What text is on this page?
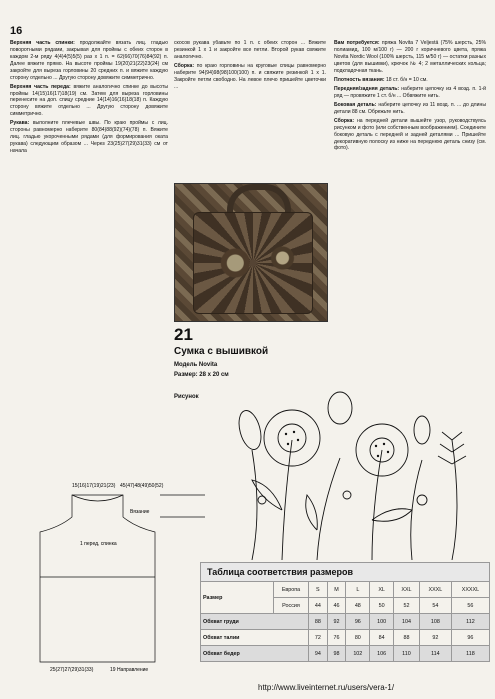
16

Верхняя часть спинки: продолжайте вязать лиц. гладью поворотными рядами, закрывая для проймы с обеих сторон в каждом 2-м ряду 4(4)4(5)5(5) раз х 1 п. = 62(66)70(76)84(92) п. Далее вяжите прямо. На высоте проймы 19(20)21(22)23(24) см закройте для выреза горловины 20 средних п. и вяжите каждую сторону отдельно ... Другую сторону довяжите симметрично.

Верхняя часть переда: вяжите аналогично спинке до высоты проймы 14(15)16(17)18(19) см. Затем для выреза горловины перенесите на доп. спицу средние 14(14)16(16)18(18) п. Каждую сторону вяжите отдельно ... Другую сторону довяжите симметрично.

Рукава: выполните плечевые швы. По краю проймы с лиц. стороны равномерно наберите 80(84)88(92)(74)(78) п. Вяжите лиц. гладью укороченными рядами (для формирования оката рукава) следующим образом ... Через 23(25)27(29)31(33) см от начала

скосов рукава убавьте по 1 п. с обеих сторон ... Вяжите резинкой 1 х 1 и закройте все петли. Второй рукав свяжите аналогично.

Сборка: по краю горловины на круговые спицы равномерно наберите 94(94)98(98)100(100) п. и свяжите резинкой 1 х 1. Закройте петли свободно. На левое плечо пришейте цветочки ...

21
Сумка с вышивкой
Модель Novita
Размер: 28 х 20 см
Рисунок

Вам потребуется: пряжа Novita 7 Veljestä (75% шерсть, 25% полиамид, 100 м/100 г) — 200 г коричневого цвета, пряжа Novita Nordic Wool (100% шерсть, 115 м/50 г) — остатки разных цветов (для вышивки), крючок № 4; 2 металлических кольца; подкладочная ткань.

Плотность вязания: 18 ст. б/н = 10 см.

Передняя/задняя деталь: наберите цепочку из 4 возд. п. 1-й ряд — провяжите 1 ст. б/н ... Обвяжите нить.

Боковая деталь: наберите цепочку из 11 возд. п. ... до длины детали 88 см. Обрежьте нить.

Сборка: на передней детали вышейте узор, руководствуясь рисунком и фото (или собственным воображением). Соедините боковую деталь с передней и задней деталями ... Пришейте декоративную полоску из ниже на переднюю деталь снизу (см. фото).

15(16)17(19)21(23) 45(47)48(49)50(52)
1 перед, спинка
Вязание
25(27)27(29)31(33)	19 Направление
Таблица соответствия размеров
Размер	Европа	S	M	L	XL	XXL	XXXL	XXXXL
	Россия	44	46	48	50	52	54	56
Обхват груди		88	92	96	100	104	108	112
Обхват талии		72	76	80	84	88	92	96
Обхват бедер		94	98	102	106	110	114	118
http://www.liveinternet.ru/users/vera-1/
